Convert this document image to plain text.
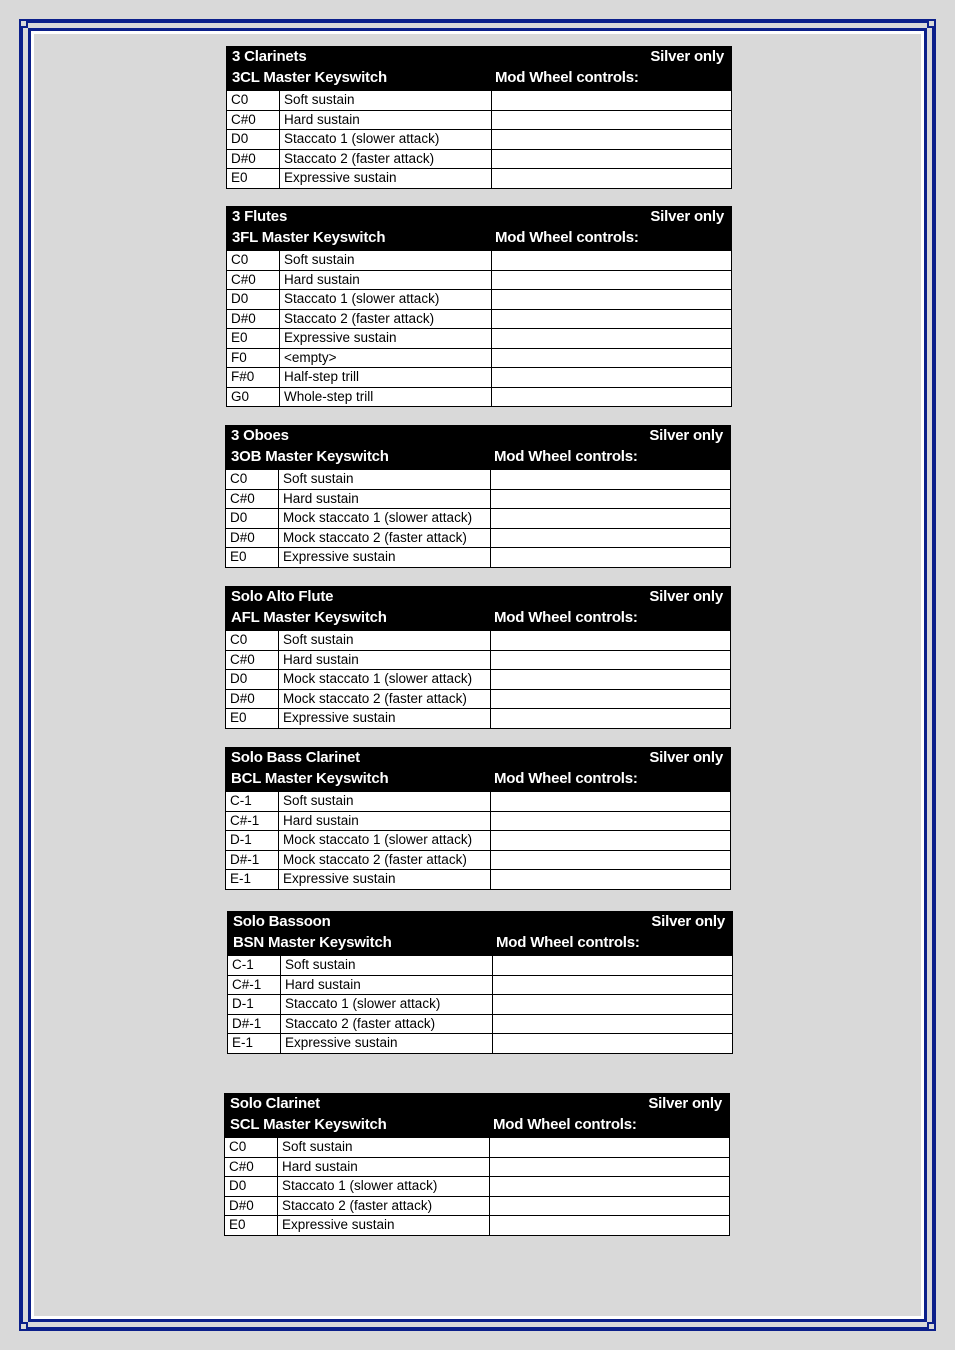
3 Clarinets	Silver only
3CL Master Keyswitch	Mod Wheel controls:
C0	Soft sustain
C#0	Hard sustain
D0	Staccato 1 (slower attack)
D#0	Staccato 2 (faster attack)
E0	Expressive sustain
3 Flutes	Silver only
3FL Master Keyswitch	Mod Wheel controls:
C0	Soft sustain
C#0	Hard sustain
D0	Staccato 1 (slower attack)
D#0	Staccato 2 (faster attack)
E0	Expressive sustain
F0	<empty>
F#0	Half-step trill
G0	Whole-step trill
3 Oboes	Silver only
3OB Master Keyswitch	Mod Wheel controls:
C0	Soft sustain
C#0	Hard sustain
D0	Mock staccato 1 (slower attack)
D#0	Mock staccato 2 (faster attack)
E0	Expressive sustain
Solo Alto Flute	Silver only
AFL Master Keyswitch	Mod Wheel controls:
C0	Soft sustain
C#0	Hard sustain
D0	Mock staccato 1 (slower attack)
D#0	Mock staccato 2 (faster attack)
E0	Expressive sustain
Solo Bass Clarinet	Silver only
BCL Master Keyswitch	Mod Wheel controls:
C-1	Soft sustain
C#-1	Hard sustain
D-1	Mock staccato 1 (slower attack)
D#-1	Mock staccato 2 (faster attack)
E-1	Expressive sustain
Solo Bassoon	Silver only
BSN Master Keyswitch	Mod Wheel controls:
C-1	Soft sustain
C#-1	Hard sustain
D-1	Staccato 1 (slower attack)
D#-1	Staccato 2 (faster attack)
E-1	Expressive sustain
Solo Clarinet	Silver only
SCL Master Keyswitch	Mod Wheel controls:
C0	Soft sustain
C#0	Hard sustain
D0	Staccato 1 (slower attack)
D#0	Staccato 2 (faster attack)
E0	Expressive sustain
